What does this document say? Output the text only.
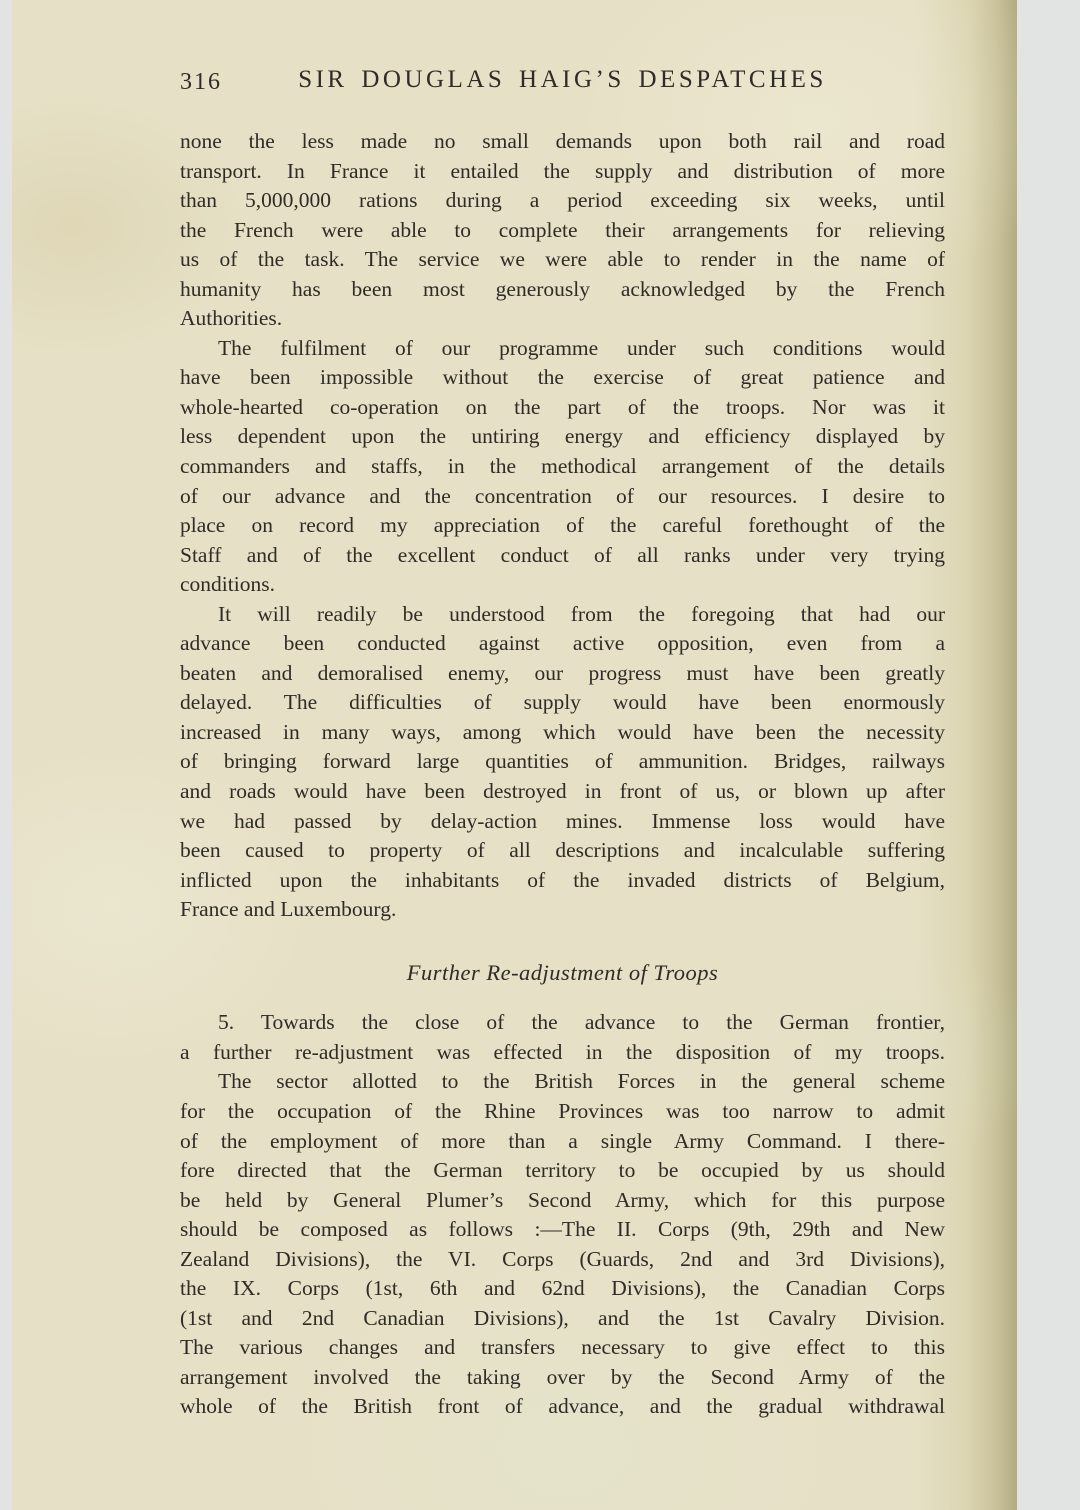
316	SIR DOUGLAS HAIG’S DESPATCHES
none the less made no small demands upon both rail and road
transport. In France it entailed the supply and distribution of more
than 5,000,000 rations during a period exceeding six weeks, until
the French were able to complete their arrangements for relieving
us of the task. The service we were able to render in the name of
humanity has been most generously acknowledged by the French
Authorities.
The fulfilment of our programme under such conditions would
have been impossible without the exercise of great patience and
whole-hearted co-operation on the part of the troops. Nor was it
less dependent upon the untiring energy and efficiency displayed by
commanders and staffs, in the methodical arrangement of the details
of our advance and the concentration of our resources. I desire to
place on record my appreciation of the careful forethought of the
Staff and of the excellent conduct of all ranks under very trying
conditions.
It will readily be understood from the foregoing that had our
advance been conducted against active opposition, even from a
beaten and demoralised enemy, our progress must have been greatly
delayed. The difficulties of supply would have been enormously
increased in many ways, among which would have been the necessity
of bringing forward large quantities of ammunition. Bridges, railways
and roads would have been destroyed in front of us, or blown up after
we had passed by delay-action mines. Immense loss would have
been caused to property of all descriptions and incalculable suffering
inflicted upon the inhabitants of the invaded districts of Belgium,
France and Luxembourg.
Further Re-adjustment of Troops
5. Towards the close of the advance to the German frontier,
a further re-adjustment was effected in the disposition of my troops.
The sector allotted to the British Forces in the general scheme
for the occupation of the Rhine Provinces was too narrow to admit
of the employment of more than a single Army Command. I there-
fore directed that the German territory to be occupied by us should
be held by General Plumer’s Second Army, which for this purpose
should be composed as follows :—The II. Corps (9th, 29th and New
Zealand Divisions), the VI. Corps (Guards, 2nd and 3rd Divisions),
the IX. Corps (1st, 6th and 62nd Divisions), the Canadian Corps
(1st and 2nd Canadian Divisions), and the 1st Cavalry Division.
The various changes and transfers necessary to give effect to this
arrangement involved the taking over by the Second Army of the
whole of the British front of advance, and the gradual withdrawal
